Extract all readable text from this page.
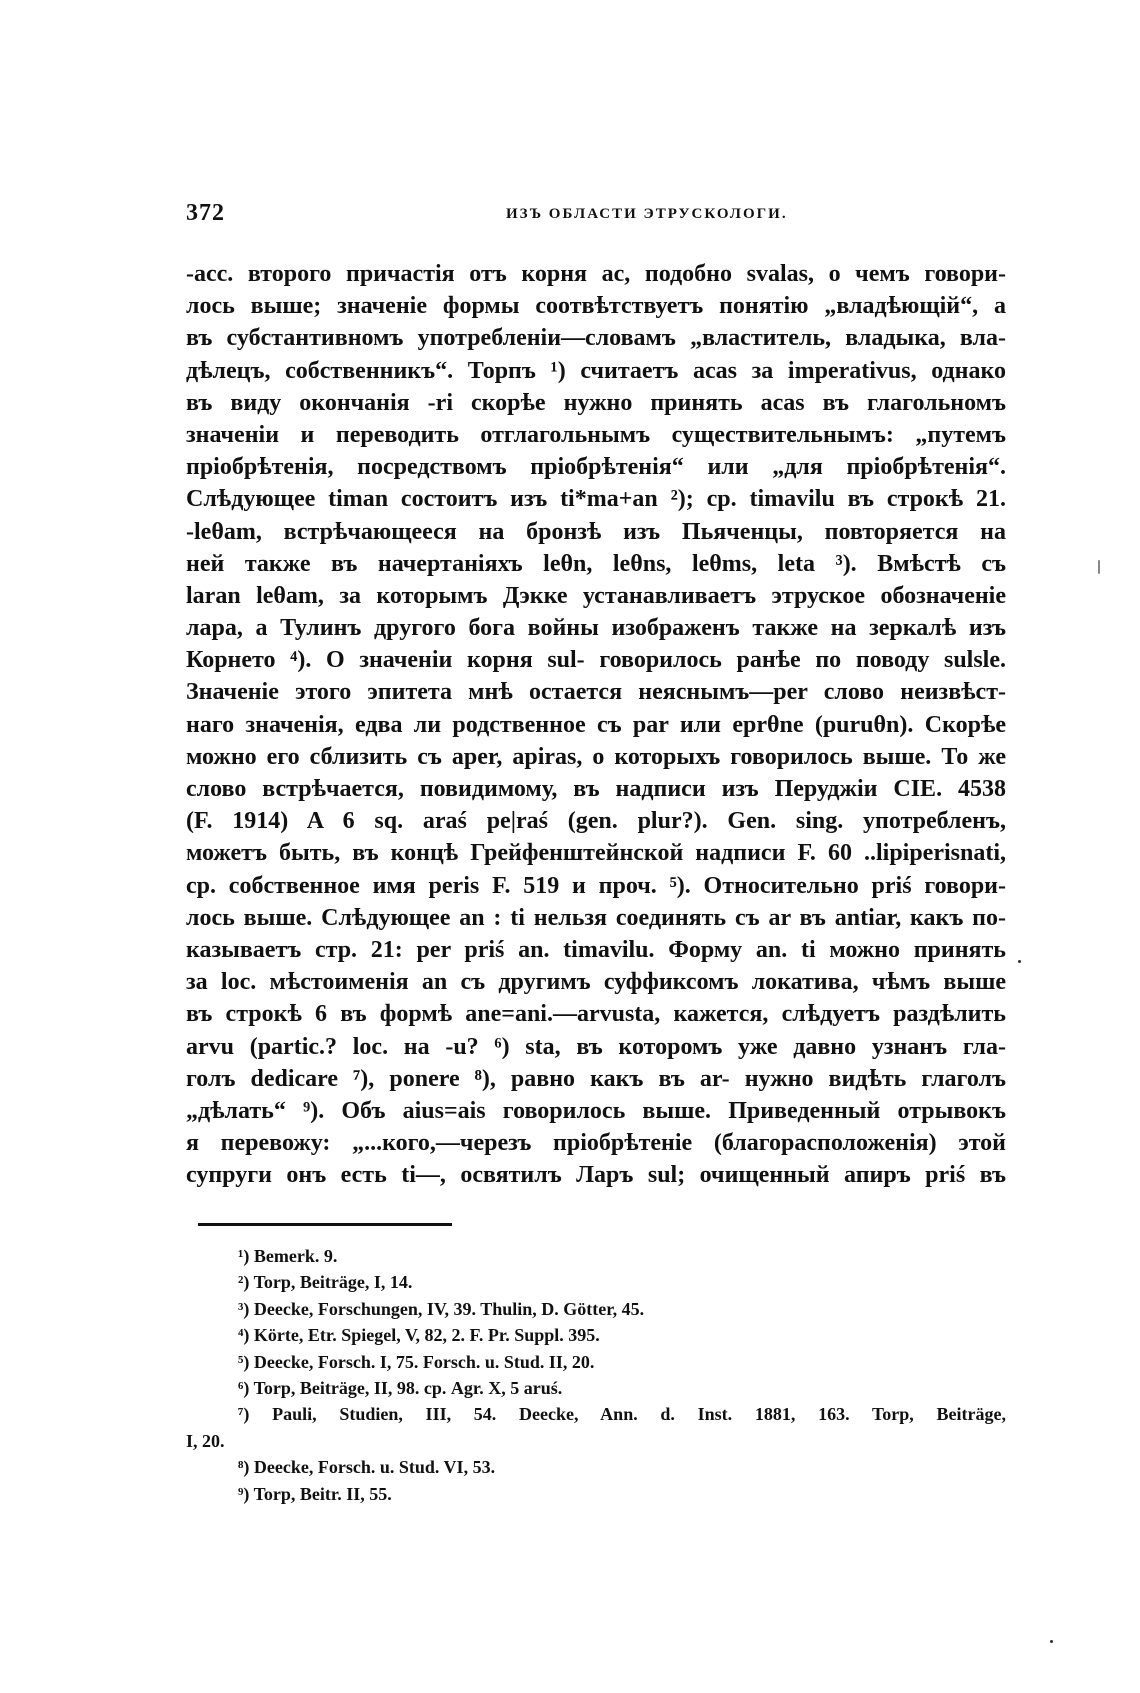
372	ИЗЪ ОБЛАСТИ ЭТРУСКОЛОГИ.
-acc. второго причастія отъ корня ac, подобно svalas, о чемъ говори-
лось выше; значеніе формы соотвѣтствуетъ понятію „владѣющій“, а
въ субстантивномъ употребленіи—словамъ „властитель, владыка, вла-
дѣлецъ, собственникъ“. Торпъ ¹) считаетъ acas за imperativus, однако
въ виду окончанія -ri скорѣе нужно принять acas въ глагольномъ
значеніи и переводить отглагольнымъ существительнымъ: „путемъ
пріобрѣтенія, посредствомъ пріобрѣтенія“ или „для пріобрѣтенія“.
Слѣдующее timan состоитъ изъ ti*ma+an ²); ср. timavilu въ строкѣ 21.
-leθam, встрѣчающееся на бронзѣ изъ Пьяченцы, повторяется на
ней также въ начертаніяхъ leθn, leθns, leθms, leta ³). Вмѣстѣ съ
laran leθam, за которымъ Дэкке устанавливаетъ этруское обозначеніе
лара, а Тулинъ другого бога войны изображенъ также на зеркалѣ изъ
Корнето ⁴). О значеніи корня sul- говорилось ранѣе по поводу sulsle.
Значеніе этого эпитета мнѣ остается неяснымъ—per слово неизвѣст-
наго значенія, едва ли родственное съ par или eprθne (puruθn). Скорѣе
можно его сблизить съ aper, apiras, о которыхъ говорилось выше. То же
слово встрѣчается, повидимому, въ надписи изъ Перуджіи CIE. 4538
(F. 1914) A 6 sq. araś pe|raś (gen. plur?). Gen. sing. употребленъ,
можетъ быть, въ концѣ Грейфенштейнской надписи F. 60 ..lipiperisnati,
ср. собственное имя peris F. 519 и проч. ⁵). Относительно priś говори-
лось выше. Слѣдующее an : ti нельзя соединять съ ar въ antiar, какъ по-
казываетъ стр. 21: per priś an. timavilu. Форму an. ti можно принять
за loc. мѣстоименія an съ другимъ суффиксомъ локатива, чѣмъ выше
въ строкѣ 6 въ формѣ ane=ani.—arvusta, кажется, слѣдуетъ раздѣлить
arvu (partic.? loc. на -u? ⁶) sta, въ которомъ уже давно узнанъ гла-
голъ dedicare ⁷), ponere ⁸), равно какъ въ ar- нужно видѣть глаголъ
„дѣлать“ ⁹). Объ aius=ais говорилось выше. Приведенный отрывокъ
я перевожу: „...кого,—черезъ пріобрѣтеніе (благорасположенія) этой
супруги онъ есть ti—, освятилъ Ларъ sul; очищенный апиръ priś въ
¹) Bemerk. 9.
²) Torp, Beiträge, I, 14.
³) Deecke, Forschungen, IV, 39. Thulin, D. Götter, 45.
⁴) Körte, Etr. Spiegel, V, 82, 2. F. Pr. Suppl. 395.
⁵) Deecke, Forsch. I, 75. Forsch. u. Stud. II, 20.
⁶) Torp, Beiträge, II, 98. ср. Agr. X, 5 aruś.
⁷) Pauli, Studien, III, 54. Deecke, Ann. d. Inst. 1881, 163. Torp, Beiträge,
I, 20.
⁸) Deecke, Forsch. u. Stud. VI, 53.
⁹) Torp, Beitr. II, 55.
